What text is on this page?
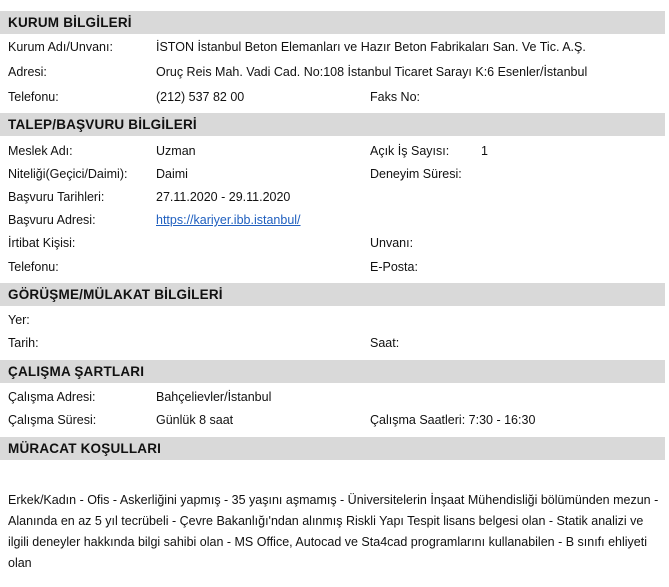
KURUM BİLGİLERİ
Kurum Adı/Unvanı:	İSTON İstanbul Beton Elemanları ve Hazır Beton Fabrikaları San. Ve Tic. A.Ş.
Adresi:	Oruç Reis Mah. Vadi Cad. No:108 İstanbul Ticaret Sarayı K:6 Esenler/İstanbul
Telefonu:	(212) 537 82 00	Faks No:
TALEP/BAŞVURU BİLGİLERİ
Meslek Adı:	Uzman	Açık İş Sayısı:	1
Niteliği(Geçici/Daimi): Daimi	Deneyim Süresi:
Başvuru Tarihleri:	27.11.2020 - 29.11.2020
Başvuru Adresi:	https://kariyer.ibb.istanbul/
İrtibat Kişisi:	Unvanı:
Telefonu:	E-Posta:
GÖRÜŞME/MÜLAKAT BİLGİLERİ
Yer:
Tarih:	Saat:
ÇALIŞMA ŞARTLARI
Çalışma Adresi:	Bahçelievler/İstanbul
Çalışma Süresi:	Günlük 8 saat	Çalışma Saatleri: 7:30 - 16:30
MÜRACAT KOŞULLARI
Erkek/Kadın - Ofis - Askerliğini yapmış - 35 yaşını aşmamış - Üniversitelerin İnşaat Mühendisliği bölümünden mezun - Alanında en az 5 yıl tecrübeli - Çevre Bakanlığı'ndan alınmış Riskli Yapı Tespit lisans belgesi olan - Statik analizi ve ilgili deneyler hakkında bilgi sahibi olan - MS Office, Autocad ve Sta4cad programlarını kullanabilen - B sınıfı ehliyeti olan
